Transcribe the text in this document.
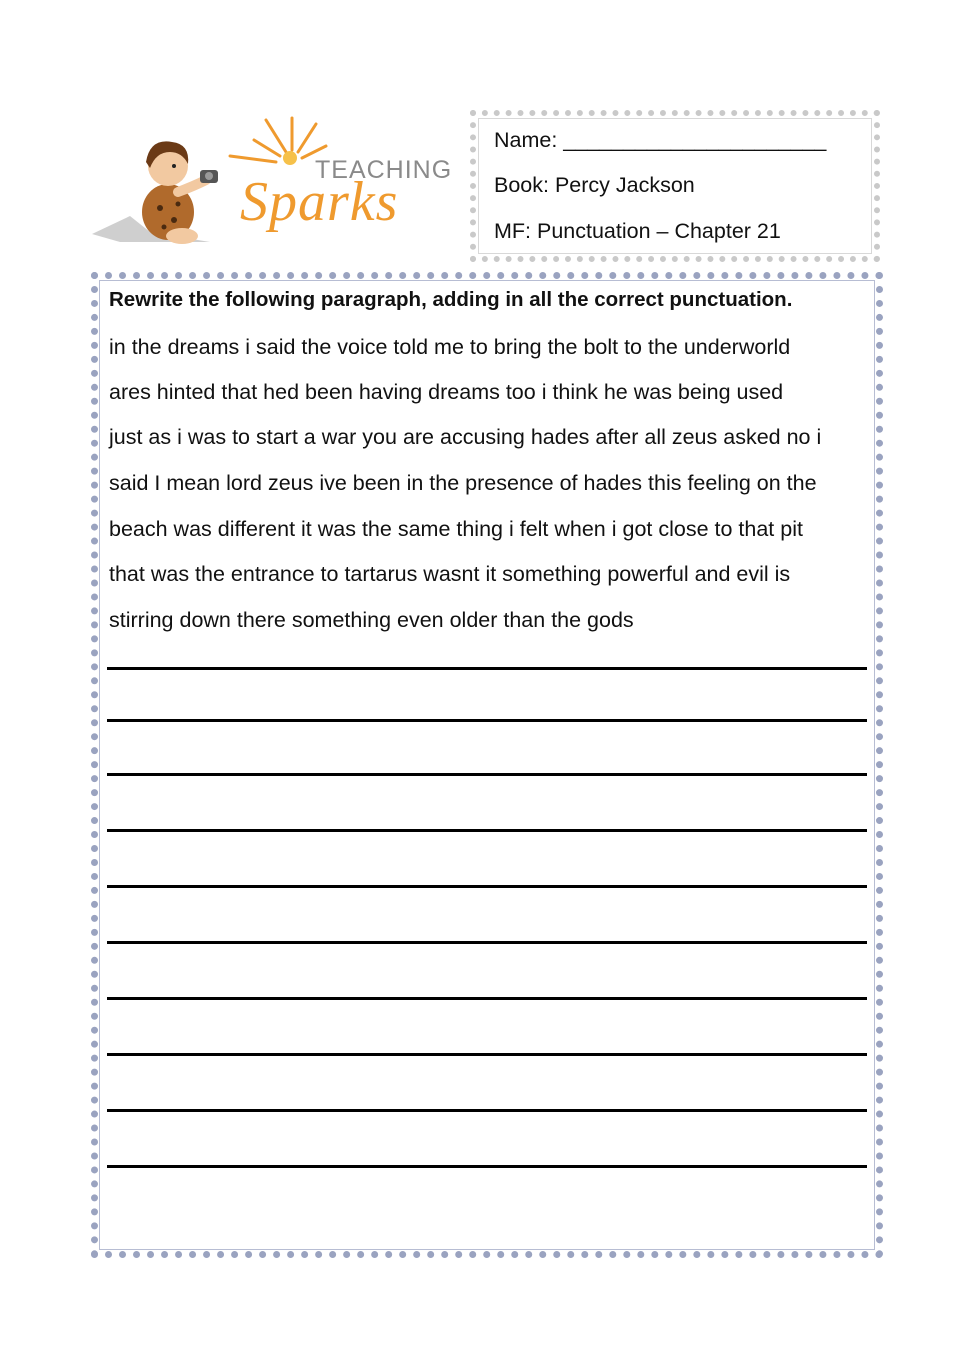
TEACHING
Sparks
Name: ______________________
Book: Percy Jackson
MF: Punctuation – Chapter 21
Rewrite the following paragraph, adding in all the correct punctuation.
in the dreams i said the voice told me to bring the bolt to the underworld
ares hinted that hed been having dreams too i think he was being used
just as i was to start a war you are accusing hades after all zeus asked no i
said I mean lord zeus ive been in the presence of hades this feeling on the
beach was different it was the same thing i felt when i got close to that pit
that was the entrance to tartarus wasnt it something powerful and evil is
stirring down there something even older than the gods
